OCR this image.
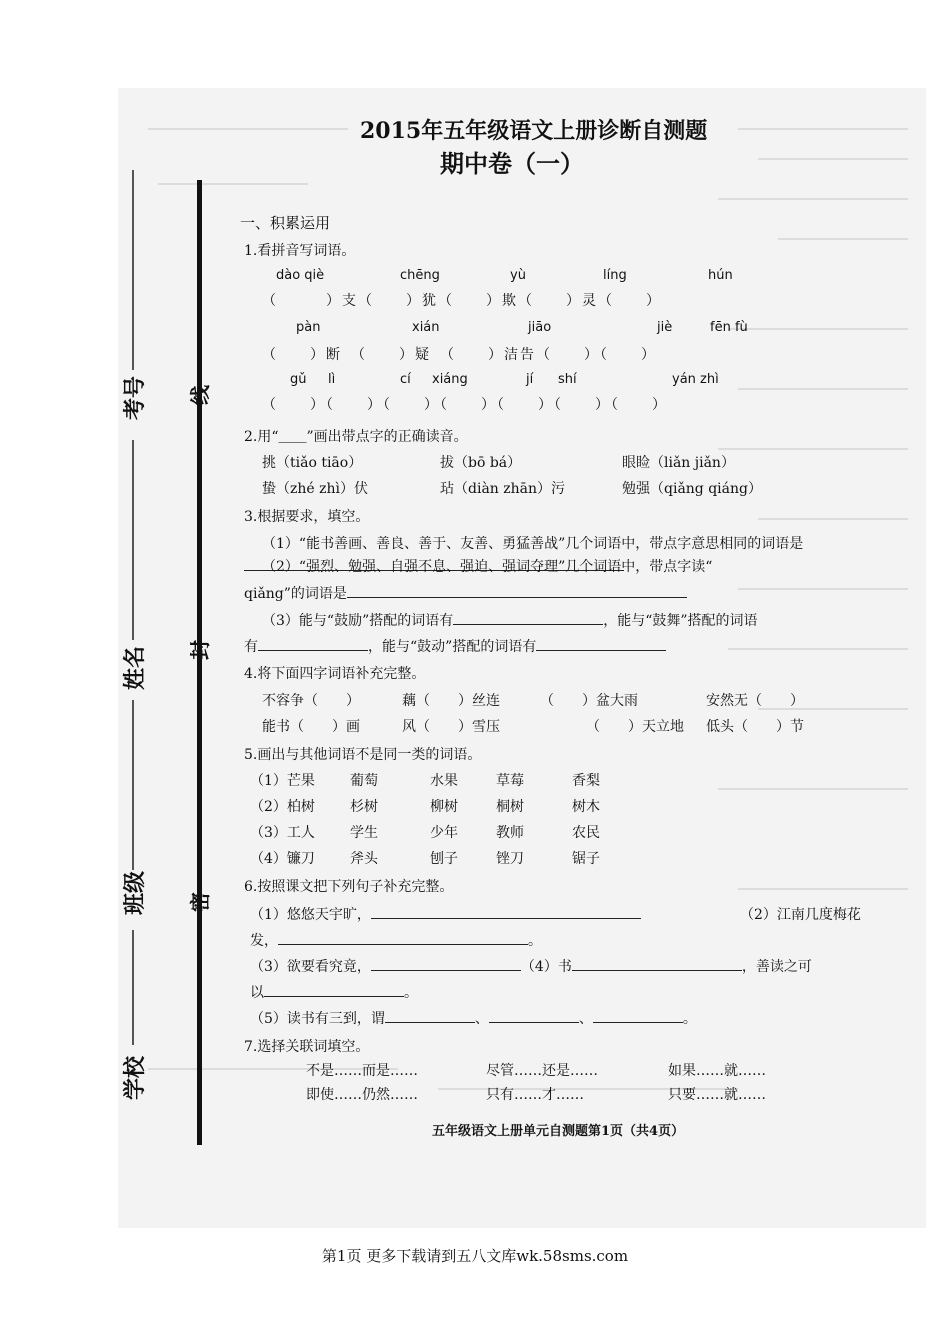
考号
姓名
班级
学校
线
封
密
2015年五年级语文上册诊断自测题
期中卷（一）
一、积累运用
1.看拼音写词语。
dào qiè	chēng	yù	líng	hún
（　　　）支（　　）犹（　　）欺（　　）灵（　　）
pàn	xián	jiāo	jiè	fēn fù
（　　）断　（　　）疑　（　　）洁告（　　）（　　）
gǔ lì	cí xiáng	jí shí	yán zhì
（　　）（　　）（　　）（　　）（　　）（　　）（　　）
2.用“＿＿”画出带点字的正确读音。
挑（tiǎo tiāo）	拔（bō bá）	眼睑（liǎn jiǎn）
蛰（zhé zhì）伏	玷（diàn zhān）污	勉强（qiǎng qiáng）
3.根据要求，填空。
（1）“能书善画、善良、善于、友善、勇猛善战”几个词语中，带点字意思相同的词语是
（2）“强烈、勉强、自强不息、强迫、强词夺理”几个词语中，带点字读“
qiǎng”的词语是
（3）能与“鼓励”搭配的词语有	，能与“鼓舞”搭配的词语
有	，能与“鼓动”搭配的词语有
4.将下面四字词语补充完整。
不容争（　　）	藕（　　）丝连	（　　）盆大雨	安然无（　　）
能书（　　）画	风（　　）雪压	（　　）天立地 低头（　　）节
5.画出与其他词语不是同一类的词语。
（1）芒果	葡萄	水果	草莓	香梨
（2）柏树	杉树	柳树	桐树	树木
（3）工人	学生	少年	教师	农民
（4）镰刀	斧头	刨子	锉刀	锯子
6.按照课文把下列句子补充完整。
（1）悠悠天宇旷，	（2）江南几度梅花
发，	。
（3）欲要看究竟，	（4）书	，善读之可
以	。
（5）读书有三到，谓	、	、	。
7.选择关联词填空。
不是……而是……	尽管……还是……	如果……就……
即使……仍然……	只有……才……	只要……就……
五年级语文上册单元自测题第1页（共4页）
第1页 更多下载请到五八文库wk.58sms.com
